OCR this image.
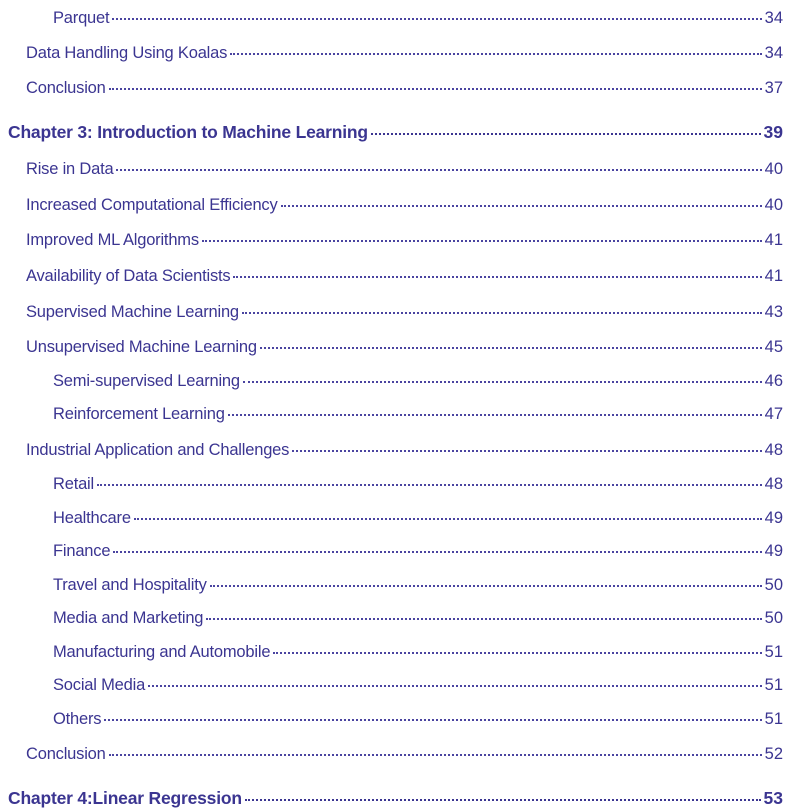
Parquet	34
Data Handling Using Koalas	34
Conclusion	37
Chapter 3: Introduction to Machine Learning	39
Rise in Data	40
Increased Computational Efficiency	40
Improved ML Algorithms	41
Availability of Data Scientists	41
Supervised Machine Learning	43
Unsupervised Machine Learning	45
Semi-supervised Learning	46
Reinforcement Learning	47
Industrial Application and Challenges	48
Retail	48
Healthcare	49
Finance	49
Travel and Hospitality	50
Media and Marketing	50
Manufacturing and Automobile	51
Social Media	51
Others	51
Conclusion	52
Chapter 4:Linear Regression	53
